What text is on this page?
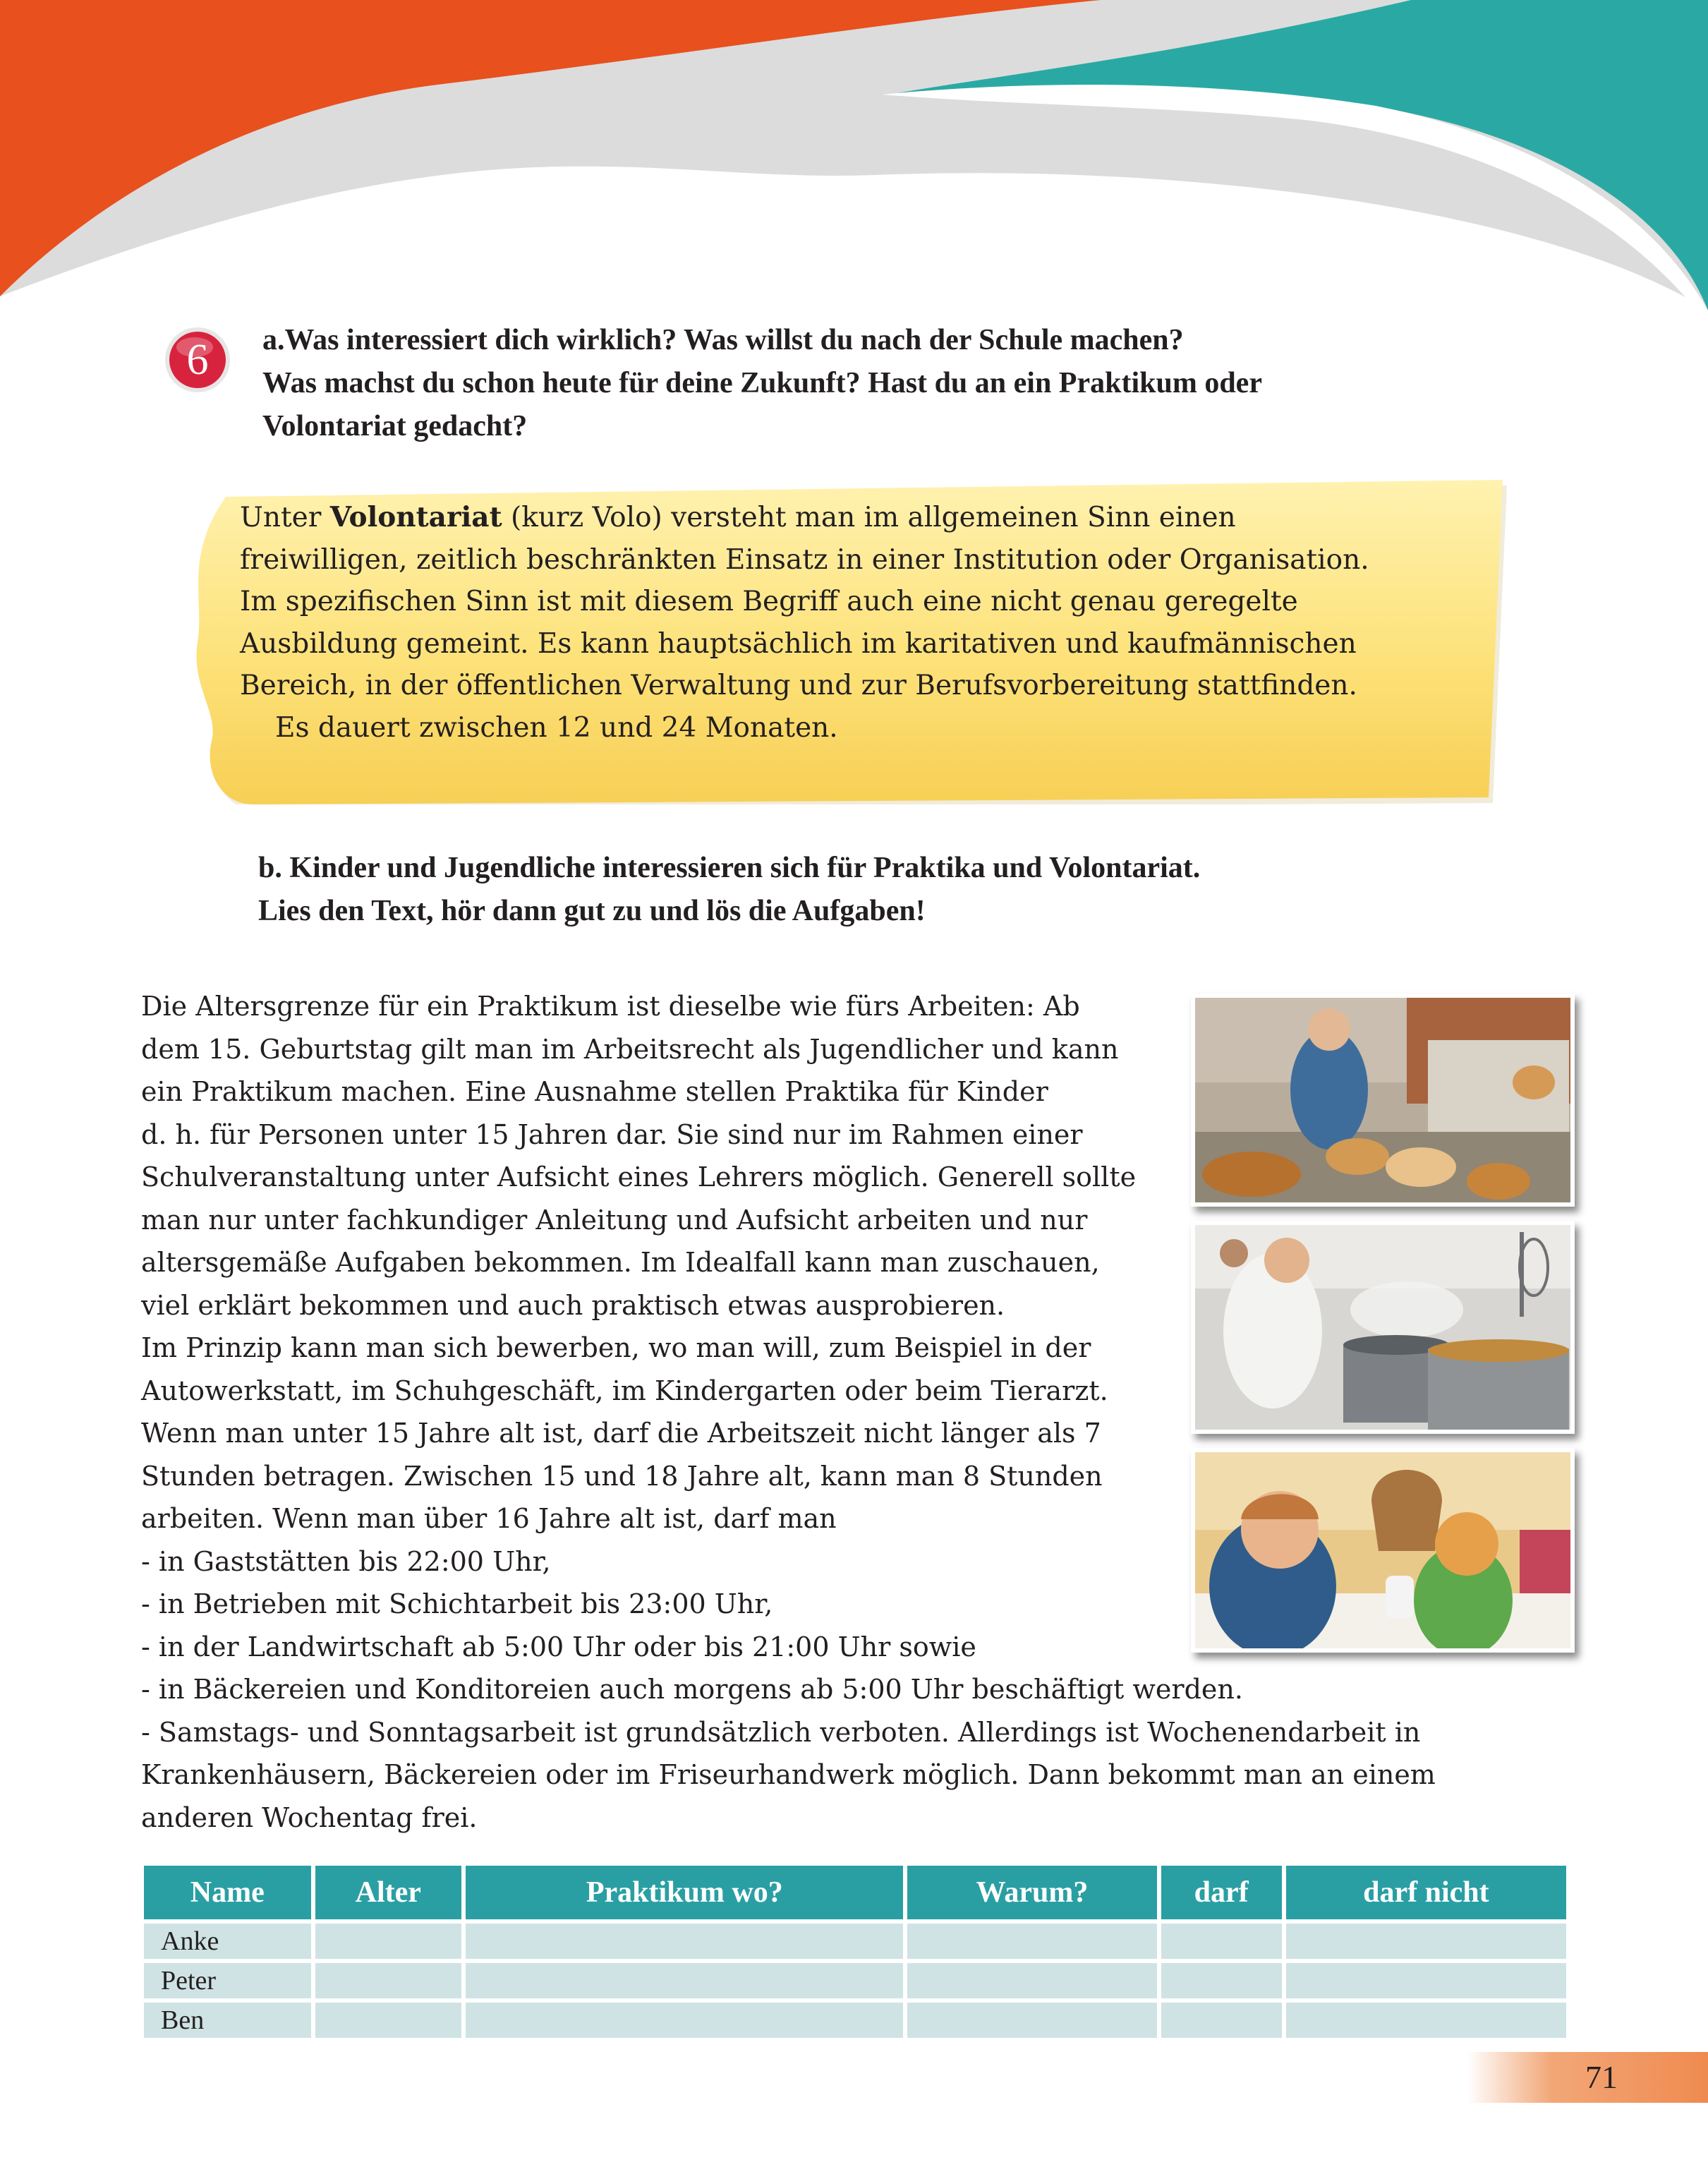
6	a.Was interessiert dich wirklich? Was willst du nach der Schule machen?
Was machst du schon heute für deine Zukunft? Hast du an ein Praktikum oder
Volontariat gedacht?
Unter Volontariat (kurz Volo) versteht man im allgemeinen Sinn einen
freiwilligen, zeitlich beschränkten Einsatz in einer Institution oder Organisation.
Im spezifischen Sinn ist mit diesem Begriff auch eine nicht genau geregelte
Ausbildung gemeint. Es kann hauptsächlich im karitativen und kaufmännischen
Bereich, in der öffentlichen Verwaltung und zur Berufsvorbereitung stattfinden.
Es dauert zwischen 12 und 24 Monaten.
b. Kinder und Jugendliche interessieren sich für Praktika und Volontariat.
Lies den Text, hör dann gut zu und lös die Aufgaben!
Die Altersgrenze für ein Praktikum ist dieselbe wie fürs Arbeiten: Ab
dem 15. Geburtstag gilt man im Arbeitsrecht als Jugendlicher und kann
ein Praktikum machen. Eine Ausnahme stellen Praktika für Kinder
d. h. für Personen unter 15 Jahren dar. Sie sind nur im Rahmen einer
Schulveranstaltung unter Aufsicht eines Lehrers möglich. Generell sollte
man nur unter fachkundiger Anleitung und Aufsicht arbeiten und nur
altersgemäße Aufgaben bekommen. Im Idealfall kann man zuschauen,
viel erklärt bekommen und auch praktisch etwas ausprobieren.
Im Prinzip kann man sich bewerben, wo man will, zum Beispiel in der
Autowerkstatt, im Schuhgeschäft, im Kindergarten oder beim Tierarzt.
Wenn man unter 15 Jahre alt ist, darf die Arbeitszeit nicht länger als 7
Stunden betragen. Zwischen 15 und 18 Jahre alt, kann man 8 Stunden
arbeiten. Wenn man über 16 Jahre alt ist, darf man
- in Gaststätten bis 22:00 Uhr,
- in Betrieben mit Schichtarbeit bis 23:00 Uhr,
- in der Landwirtschaft ab 5:00 Uhr oder bis 21:00 Uhr sowie
- in Bäckereien und Konditoreien auch morgens ab 5:00 Uhr beschäftigt werden.
- Samstags- und Sonntagsarbeit ist grundsätzlich verboten. Allerdings ist Wochenendarbeit in
Krankenhäusern, Bäckereien oder im Friseurhandwerk möglich. Dann bekommt man an einem
anderen Wochentag frei.
Name	Alter	Praktikum wo?	Warum?	darf	darf nicht
Anke					
Peter					
Ben					
71
